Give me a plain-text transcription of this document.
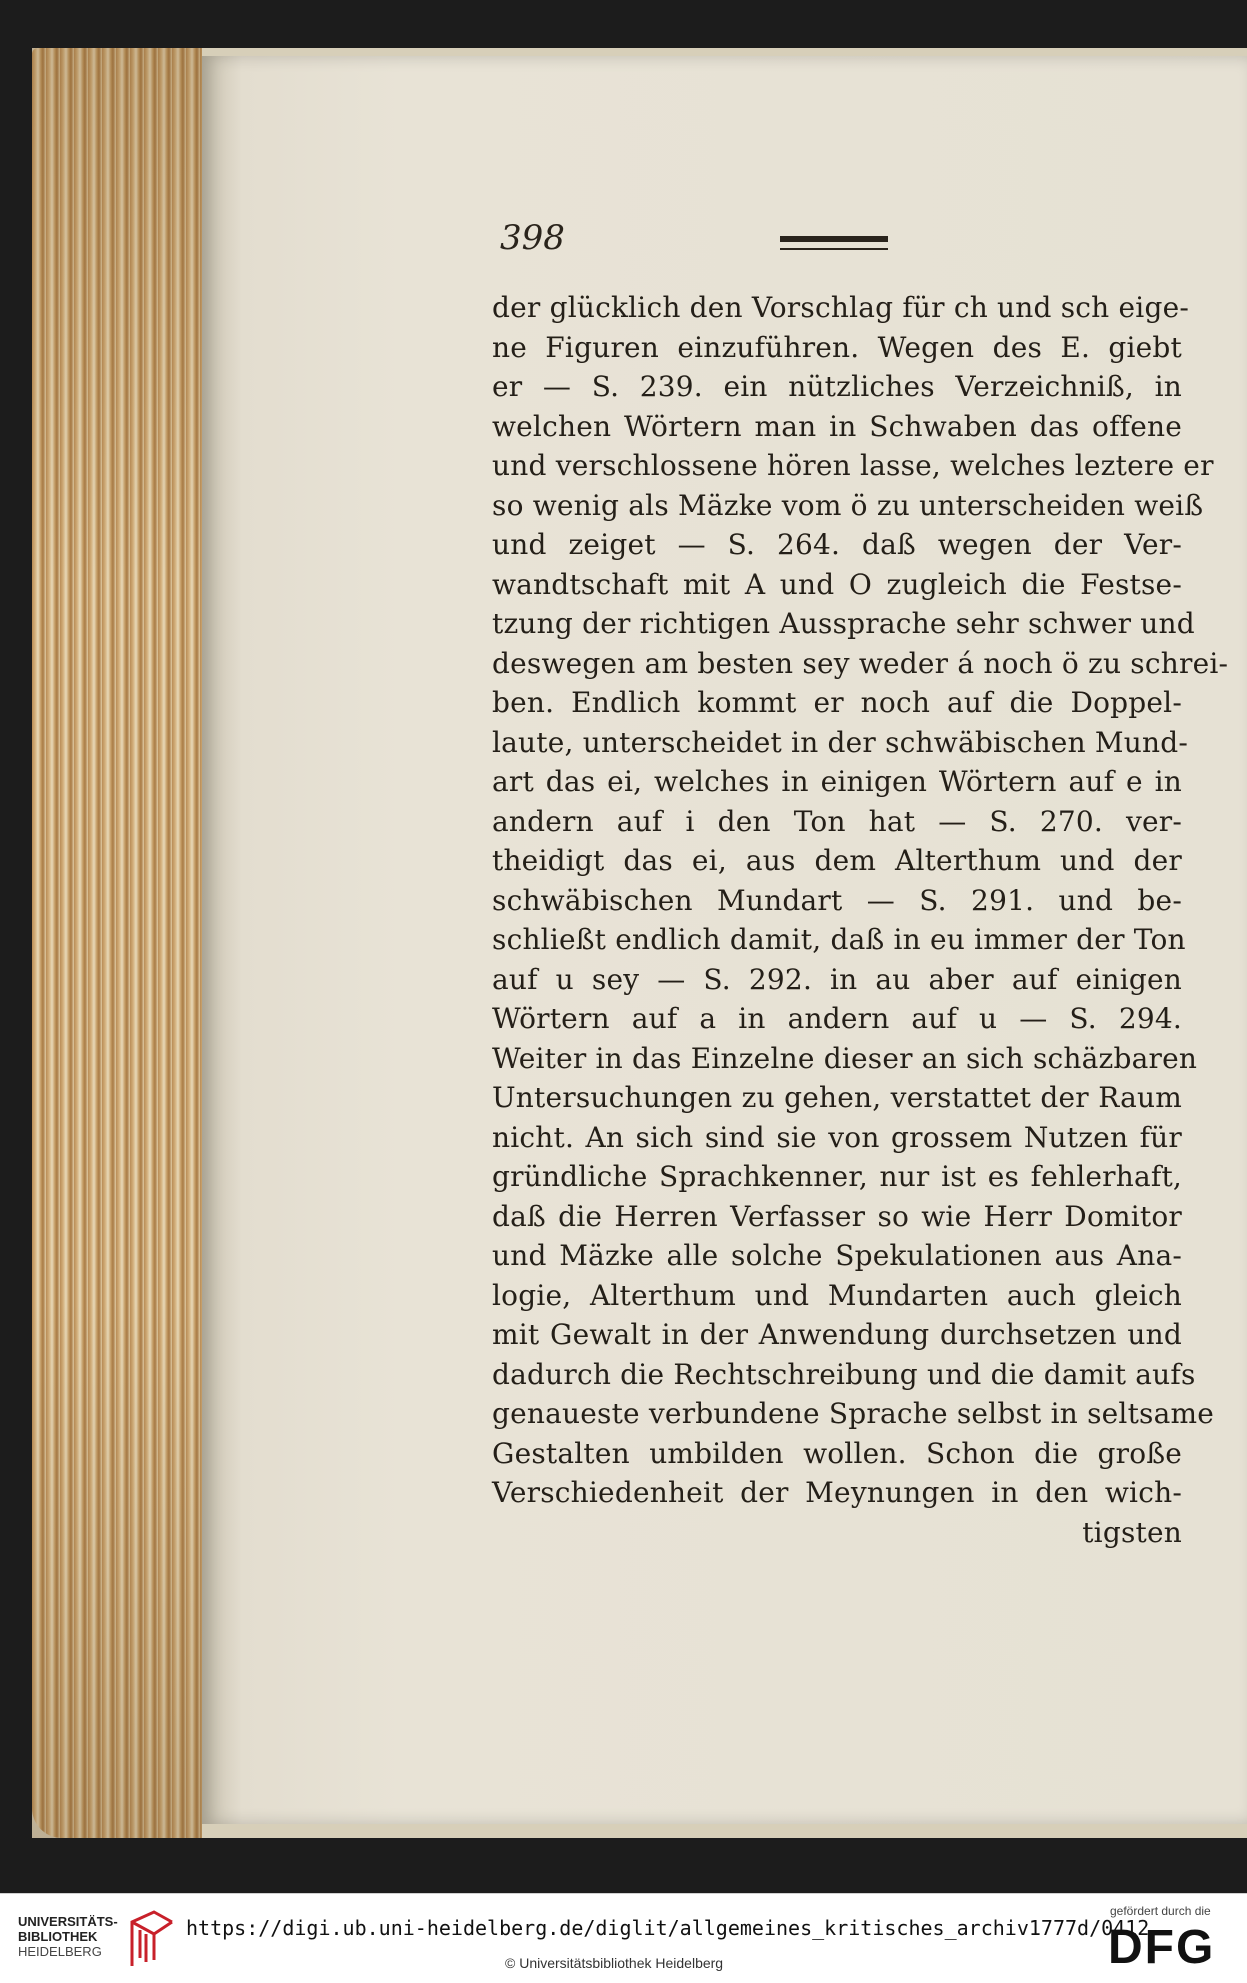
398
der glücklich den Vorschlag für ch und sch eige-
ne Figuren einzuführen. Wegen des E. giebt
er — S. 239. ein nützliches Verzeichniß, in
welchen Wörtern man in Schwaben das offene
und verschlossene hören lasse, welches leztere er
so wenig als Mäzke vom ö zu unterscheiden weiß
und zeiget — S. 264. daß wegen der Ver-
wandtschaft mit A und O zugleich die Festse-
tzung der richtigen Aussprache sehr schwer und
deswegen am besten sey weder á noch ö zu schrei-
ben. Endlich kommt er noch auf die Doppel-
laute, unterscheidet in der schwäbischen Mund-
art das ei, welches in einigen Wörtern auf e in
andern auf i den Ton hat — S. 270. ver-
theidigt das ei, aus dem Alterthum und der
schwäbischen Mundart — S. 291. und be-
schließt endlich damit, daß in eu immer der Ton
auf u sey — S. 292. in au aber auf einigen
Wörtern auf a in andern auf u — S. 294.
Weiter in das Einzelne dieser an sich schäzbaren
Untersuchungen zu gehen, verstattet der Raum
nicht. An sich sind sie von grossem Nutzen für
gründliche Sprachkenner, nur ist es fehlerhaft,
daß die Herren Verfasser so wie Herr Domitor
und Mäzke alle solche Spekulationen aus Ana-
logie, Alterthum und Mundarten auch gleich
mit Gewalt in der Anwendung durchsetzen und
dadurch die Rechtschreibung und die damit aufs
genaueste verbundene Sprache selbst in seltsame
Gestalten umbilden wollen. Schon die große
Verschiedenheit der Meynungen in den wich-
tigsten
UNIVERSITÄTS-
BIBLIOTHEK
HEIDELBERG
https://digi.ub.uni-heidelberg.de/diglit/allgemeines_kritisches_archiv1777d/0412
© Universitätsbibliothek Heidelberg
gefördert durch die
DFG
